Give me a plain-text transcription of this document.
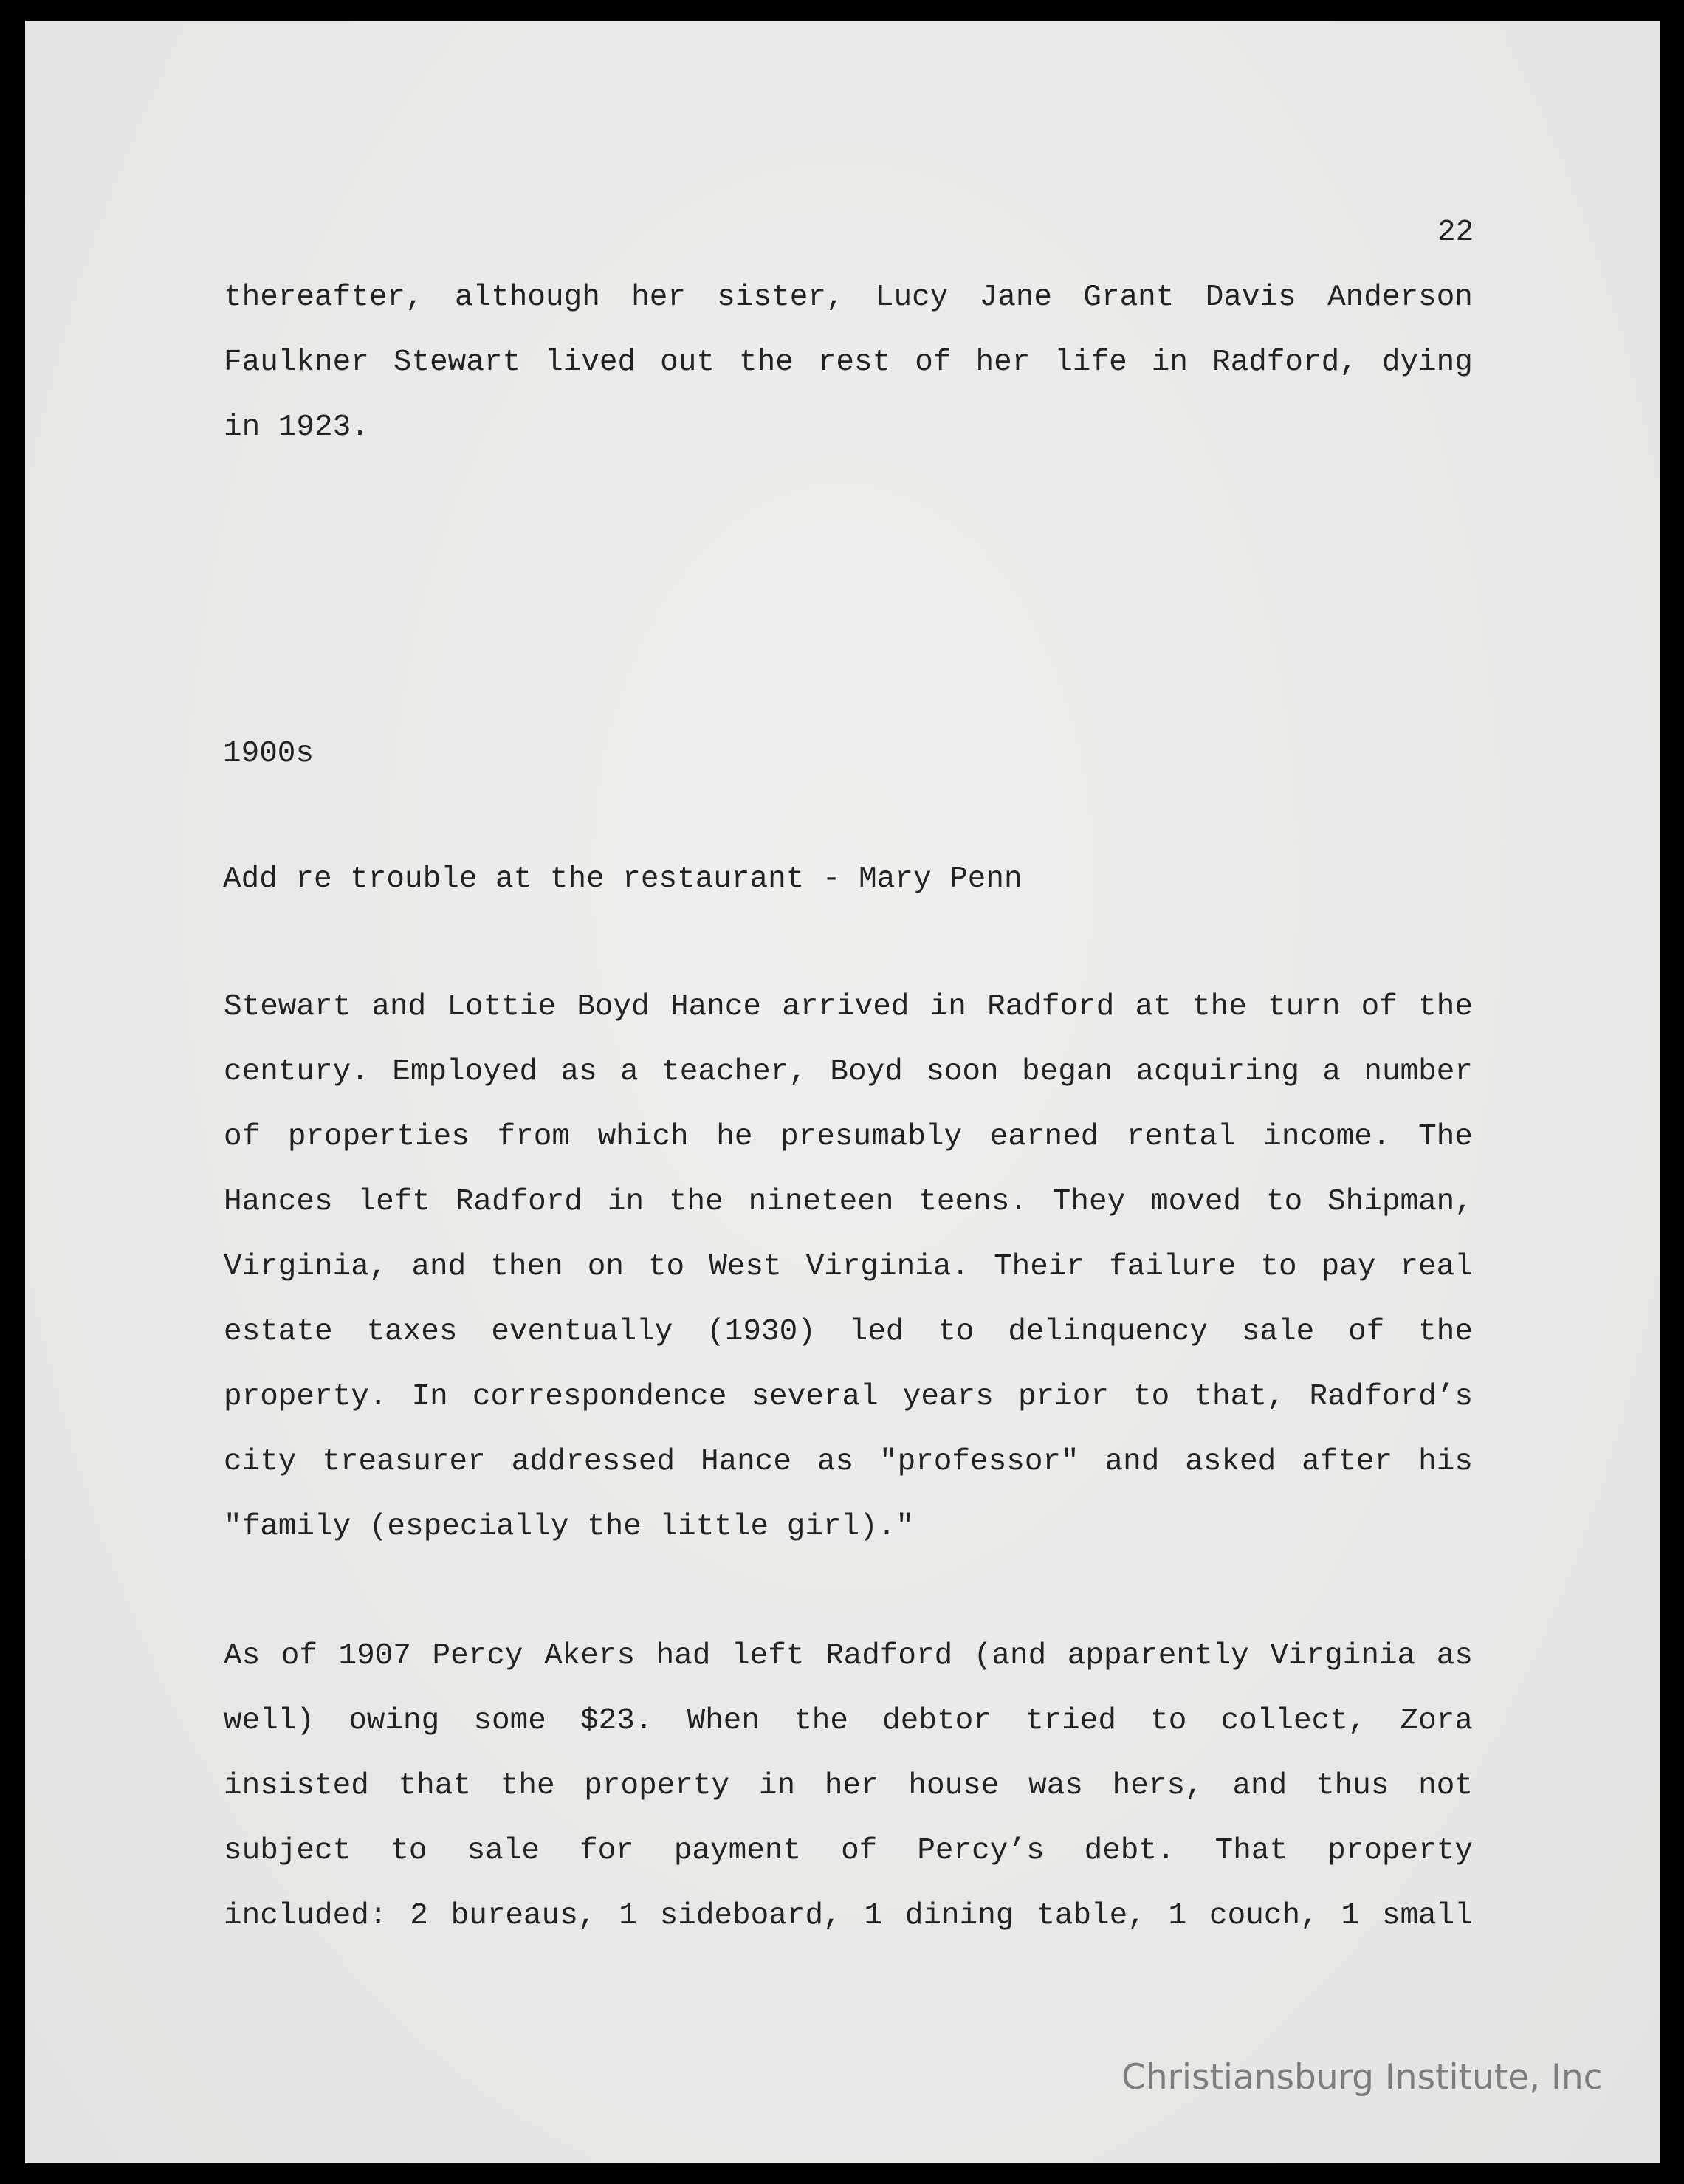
22
thereafter, although her sister, Lucy Jane Grant Davis Anderson
Faulkner Stewart lived out the rest of her life in Radford, dying
in 1923.
1900s
Add re trouble at the restaurant - Mary Penn
Stewart and Lottie Boyd Hance arrived in Radford at the turn of the
century. Employed as a teacher, Boyd soon began acquiring a number
of properties from which he presumably earned rental income. The
Hances left Radford in the nineteen teens. They moved to Shipman,
Virginia, and then on to West Virginia. Their failure to pay real
estate taxes eventually (1930) led to delinquency sale of the
property. In correspondence several years prior to that, Radford’s
city treasurer addressed Hance as "professor" and asked after his
"family (especially the little girl)."
As of 1907 Percy Akers had left Radford (and apparently Virginia as
well) owing some $23. When the debtor tried to collect, Zora
insisted that the property in her house was hers, and thus not
subject to sale for payment of Percy’s debt. That property
included: 2 bureaus, 1 sideboard, 1 dining table, 1 couch, 1 small
Christiansburg Institute, Inc
